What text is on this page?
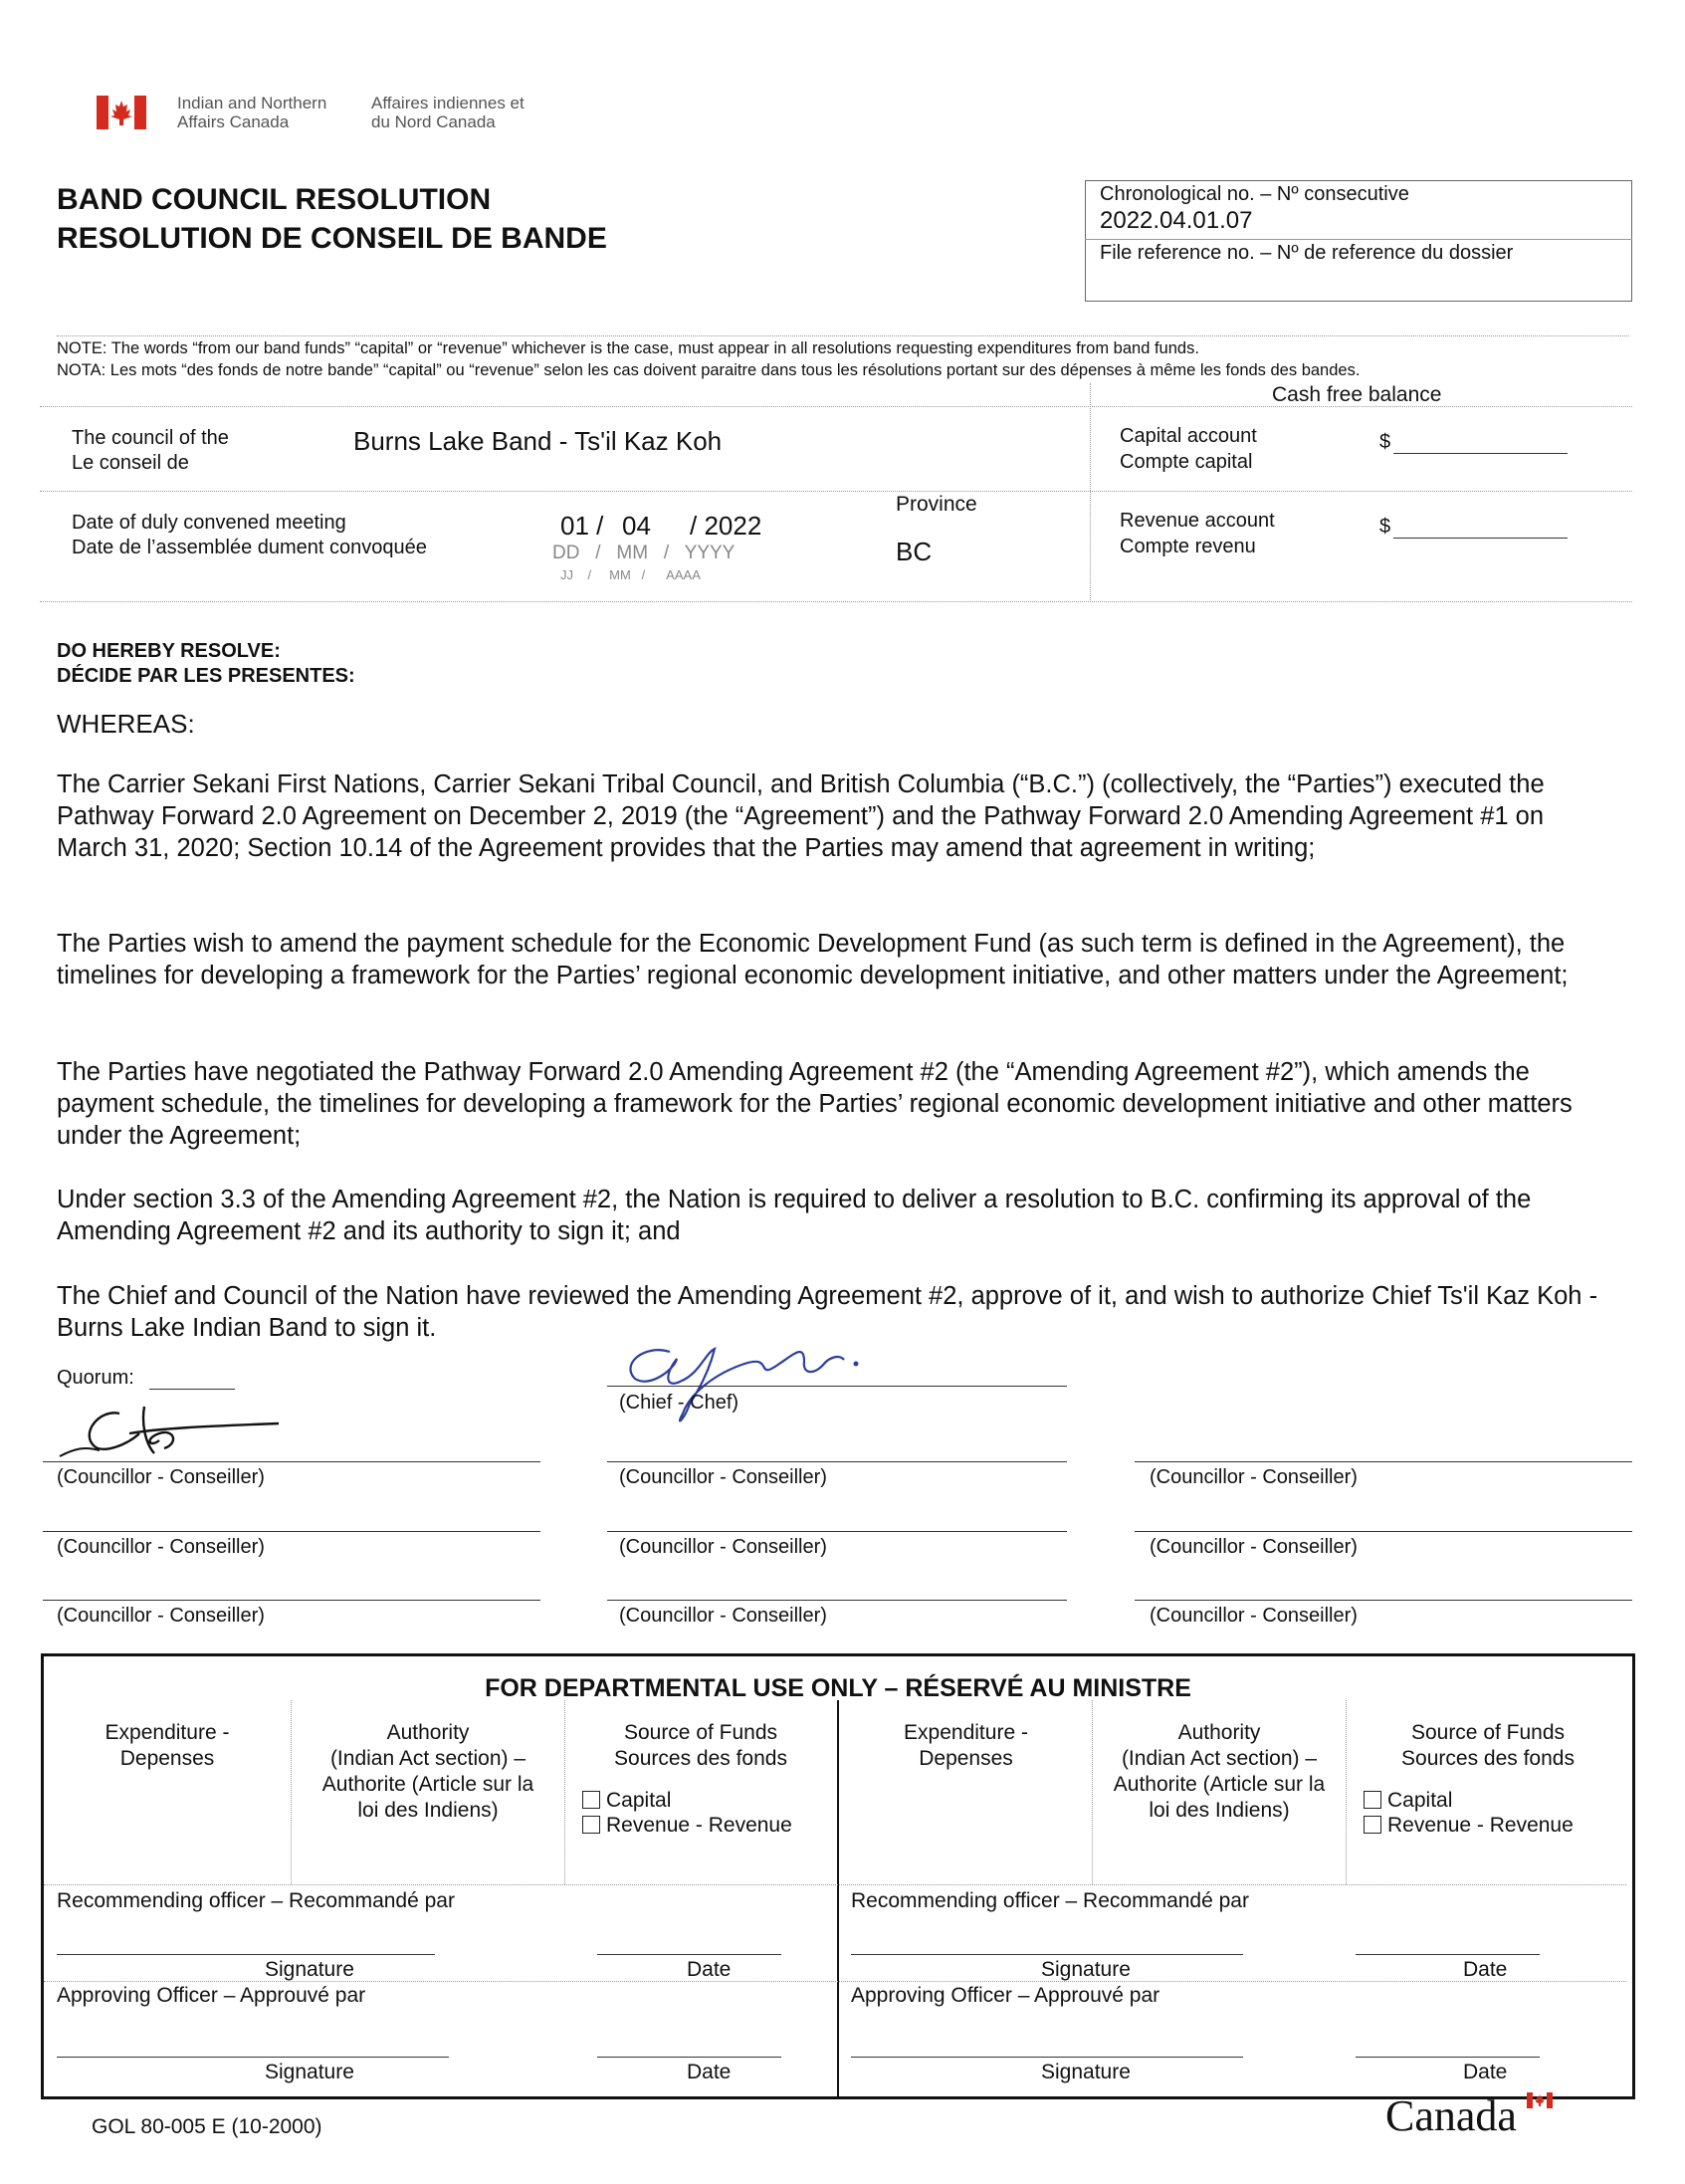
Indian and Northern
Affairs Canada
Affaires indiennes et
du Nord Canada
BAND COUNCIL RESOLUTION
RESOLUTION DE CONSEIL DE BANDE
Chronological no. – Nº consecutive
2022.04.01.07
File reference no. – Nº de reference du dossier
NOTE: The words “from our band funds” “capital” or “revenue” whichever is the case, must appear in all resolutions requesting expenditures from band funds.
NOTA: Les mots “des fonds de notre bande” “capital” ou “revenue” selon les cas doivent paraitre dans tous les résolutions portant sur des dépenses à même les fonds des bandes.
Cash free balance
The council of the
Le conseil de
Burns Lake Band - Ts'il Kaz Koh	Capital account
Compte capital
$
Date of duly convened meeting
Date de l’assemblée dument convoquée
01 / 04 / 2022
DD   /   MM   /   YYYY
JJ    /     MM   /      AAAA
Province
BC
Revenue account
Compte revenu
$
DO HEREBY RESOLVE:
DÉCIDE PAR LES PRESENTES:
WHEREAS:
The Carrier Sekani First Nations, Carrier Sekani Tribal Council, and British Columbia (“B.C.”) (collectively, the “Parties”) executed the Pathway Forward 2.0 Agreement on December 2, 2019 (the “Agreement”) and the Pathway Forward 2.0 Amending Agreement #1 on March 31, 2020; Section 10.14 of the Agreement provides that the Parties may amend that agreement in writing;
The Parties wish to amend the payment schedule for the Economic Development Fund (as such term is defined in the Agreement), the timelines for developing a framework for the Parties’ regional economic development initiative, and other matters under the Agreement;
The Parties have negotiated the Pathway Forward 2.0 Amending Agreement #2 (the “Amending Agreement #2”), which amends the payment schedule, the timelines for developing a framework for the Parties’ regional economic development initiative and other matters under the Agreement;
Under section 3.3 of the Amending Agreement #2, the Nation is required to deliver a resolution to B.C. confirming its approval of the Amending Agreement #2 and its authority to sign it; and
The Chief and Council of the Nation have reviewed the Amending Agreement #2, approve of it, and wish to authorize Chief Ts'il Kaz Koh - Burns Lake Indian Band to sign it.
Quorum:
(Chief - Chef)
(Councillor - Conseiller)	(Councillor - Conseiller)	(Councillor - Conseiller)
(Councillor - Conseiller)	(Councillor - Conseiller)	(Councillor - Conseiller)
(Councillor - Conseiller)	(Councillor - Conseiller)	(Councillor - Conseiller)
FOR DEPARTMENTAL USE ONLY – RÉSERVÉ AU MINISTRE
Expenditure -
Depenses
Authority
(Indian Act section) –
Authorite (Article sur la
loi des Indiens)
Source of Funds
Sources des fonds
Capital
Revenue - Revenue
Expenditure -
Depenses
Authority
(Indian Act section) –
Authorite (Article sur la
loi des Indiens)
Source of Funds
Sources des fonds
Capital
Revenue - Revenue
Recommending officer – Recommandé par
Signature	Date
Approving Officer – Approuvé par
Signature	Date
Recommending officer – Recommandé par
Signature	Date
Approving Officer – Approuvé par
Signature	Date
GOL 80-005 E (10-2000)	Canada
